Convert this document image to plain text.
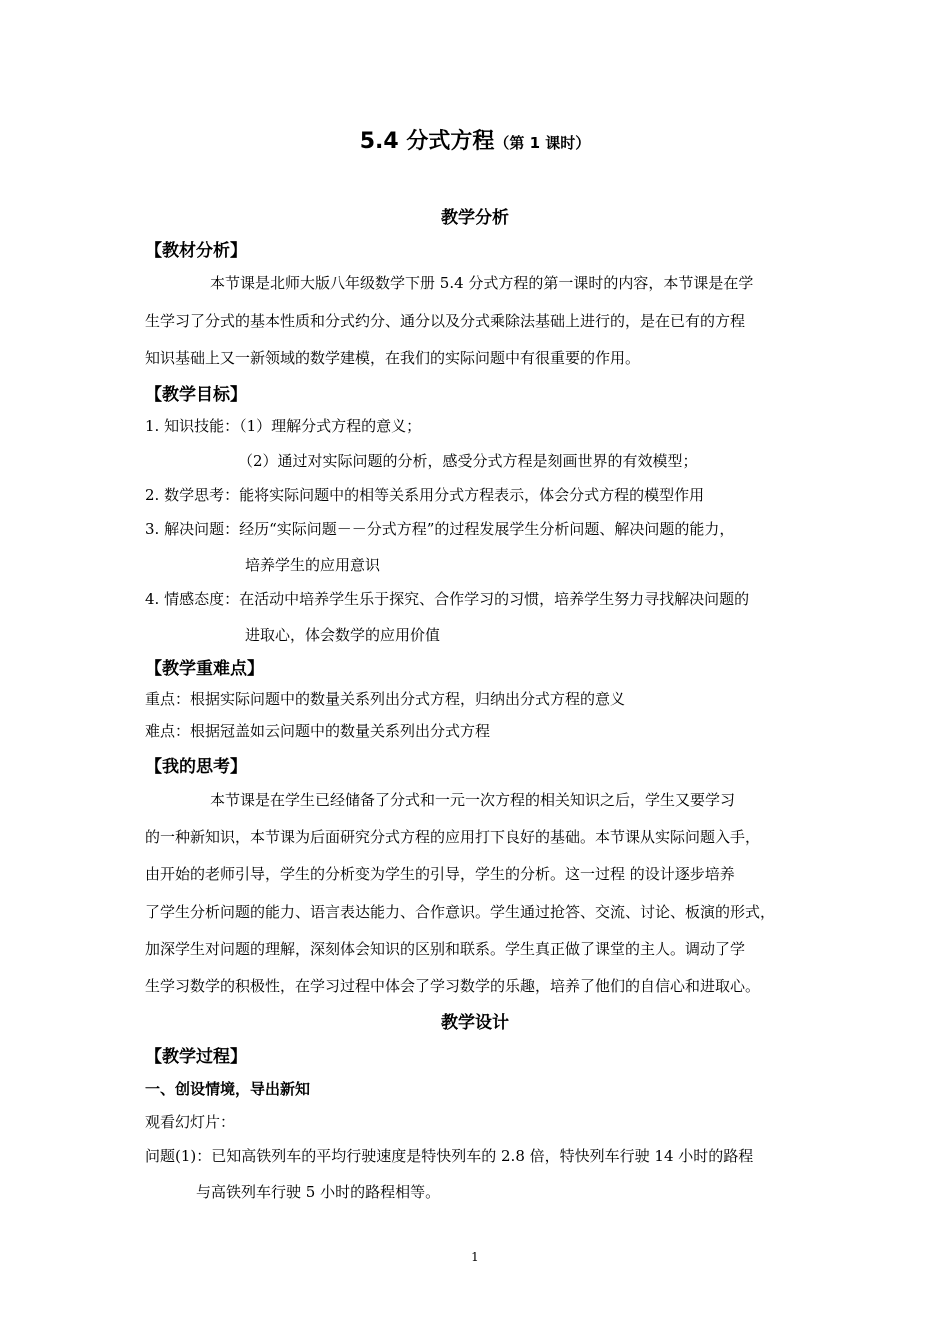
5.4 分式方程（第 1 课时）
教学分析
【教材分析】
本节课是北师大版八年级数学下册 5.4 分式方程的第一课时的内容，本节课是在学
生学习了分式的基本性质和分式约分、通分以及分式乘除法基础上进行的，是在已有的方程
知识基础上又一新领域的数学建模，在我们的实际问题中有很重要的作用。
【教学目标】
1. 知识技能：（1）理解分式方程的意义；
（2）通过对实际问题的分析，感受分式方程是刻画世界的有效模型；
2. 数学思考：能将实际问题中的相等关系用分式方程表示，体会分式方程的模型作用
3. 解决问题：经历“实际问题－－分式方程”的过程发展学生分析问题、解决问题的能力，
培养学生的应用意识
4. 情感态度：在活动中培养学生乐于探究、合作学习的习惯，培养学生努力寻找解决问题的
进取心，体会数学的应用价值
【教学重难点】
重点：根据实际问题中的数量关系列出分式方程，归纳出分式方程的意义
难点：根据冠盖如云问题中的数量关系列出分式方程
【我的思考】
本节课是在学生已经储备了分式和一元一次方程的相关知识之后，学生又要学习
的一种新知识，本节课为后面研究分式方程的应用打下良好的基础。本节课从实际问题入手，
由开始的老师引导，学生的分析变为学生的引导，学生的分析。这一过程 的设计逐步培养
了学生分析问题的能力、语言表达能力、合作意识。学生通过抢答、交流、讨论、板演的形式，
加深学生对问题的理解，深刻体会知识的区别和联系。学生真正做了课堂的主人。调动了学
生学习数学的积极性，在学习过程中体会了学习数学的乐趣，培养了他们的自信心和进取心。
教学设计
【教学过程】
一、创设情境，导出新知
观看幻灯片：
问题(1)：已知高铁列车的平均行驶速度是特快列车的 2.8 倍，特快列车行驶 14 小时的路程
与高铁列车行驶 5 小时的路程相等。
1
